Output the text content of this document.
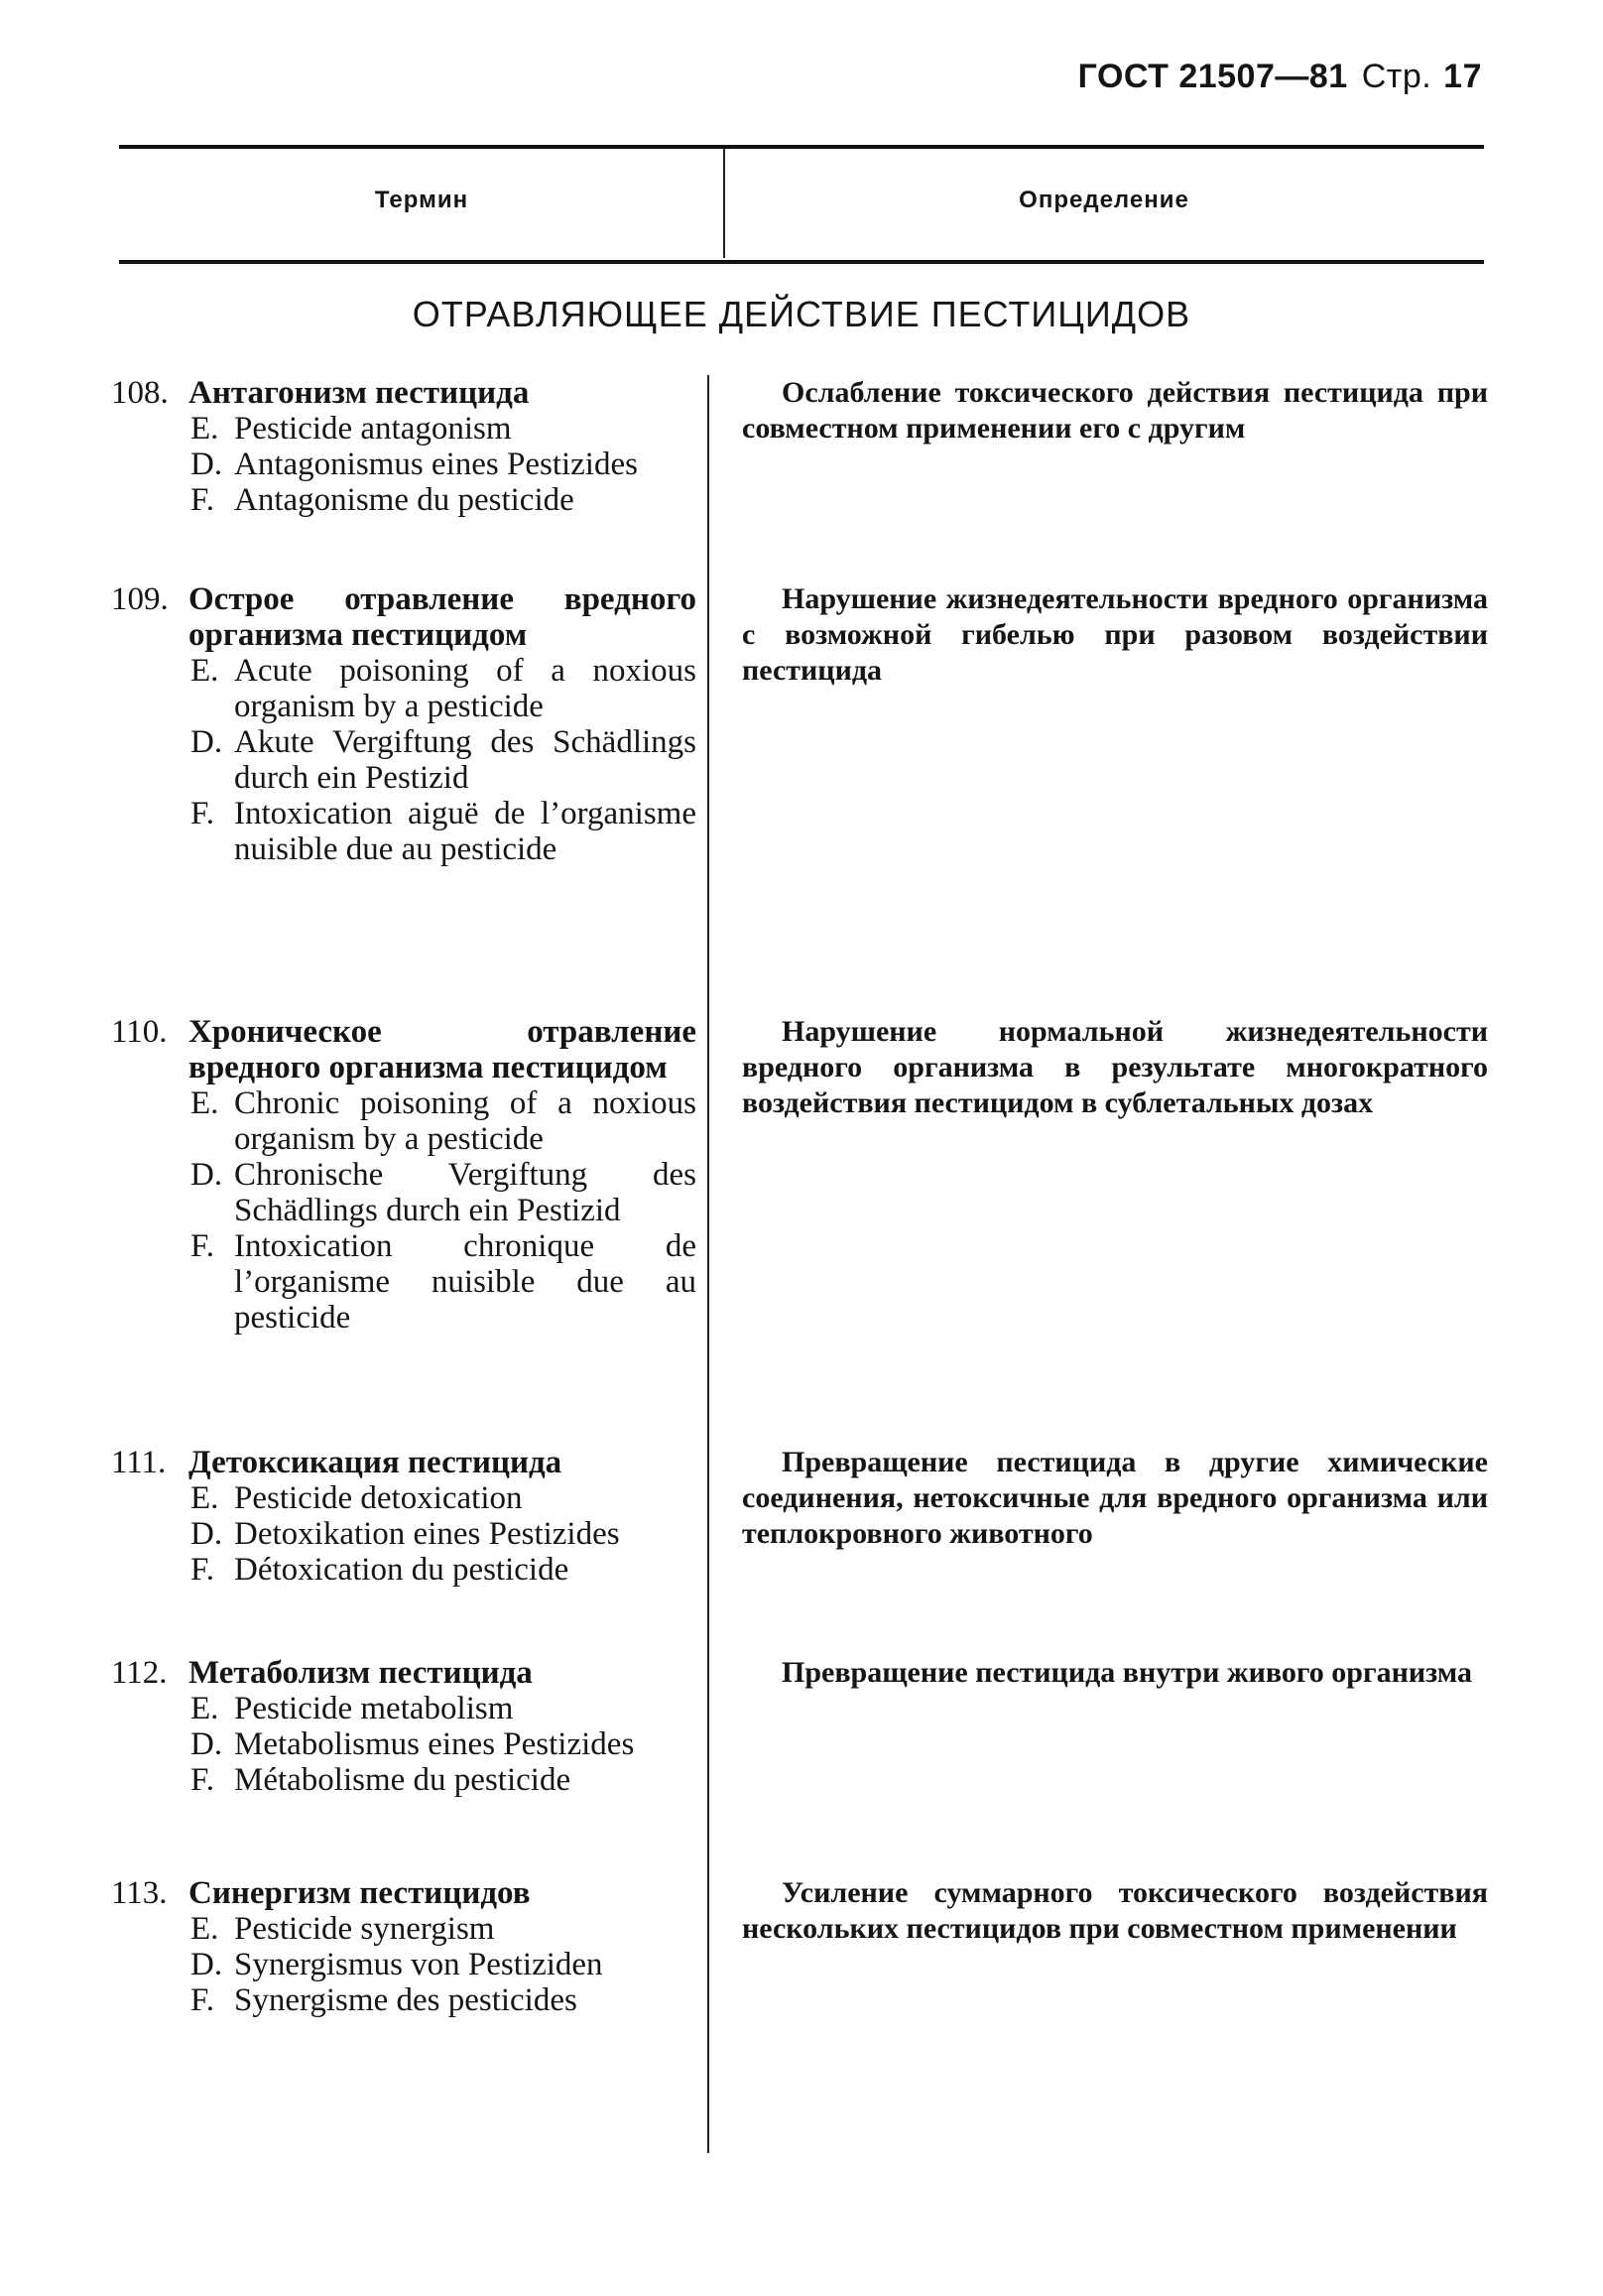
ГОСТ 21507—81 Стр. 17
Термин	Определение
ОТРАВЛЯЮЩЕЕ ДЕЙСТВИЕ ПЕСТИЦИДОВ
108. Антагонизм пестицида
E. Pesticide antagonism
D. Antagonismus eines Pestizides
F. Antagonisme du pesticide
Ослабление токсического действия пестицида при совместном применении его с другим
109. Острое отравление вредного организма пестицидом
E. Acute poisoning of a noxious organism by a pesticide
D. Akute Vergiftung des Schädlings durch ein Pestizid
F. Intoxication aiguë de l’organisme nuisible due au pesticide
Нарушение жизнедеятельности вредного организма с возможной гибелью при разовом воздействии пестицида
110. Хроническое отравление вредного организма пестицидом
E. Chronic poisoning of a noxious organism by a pesticide
D. Chronische Vergiftung des Schädlings durch ein Pestizid
F. Intoxication chronique de l’organisme nuisible due au pesticide
Нарушение нормальной жизнедеятельности вредного организма в результате многократного воздействия пестицидом в сублетальных дозах
111. Детоксикация пестицида
E. Pesticide detoxication
D. Detoxikation eines Pestizides
F. Détoxication du pesticide
Превращение пестицида в другие химические соединения, нетоксичные для вредного организма или теплокровного животного
112. Метаболизм пестицида
E. Pesticide metabolism
D. Metabolismus eines Pestizides
F. Métabolisme du pesticide
Превращение пестицида внутри живого организма
113. Синергизм пестицидов
E. Pesticide synergism
D. Synergismus von Pestiziden
F. Synergisme des pesticides
Усиление суммарного токсического воздействия нескольких пестицидов при совместном применении
